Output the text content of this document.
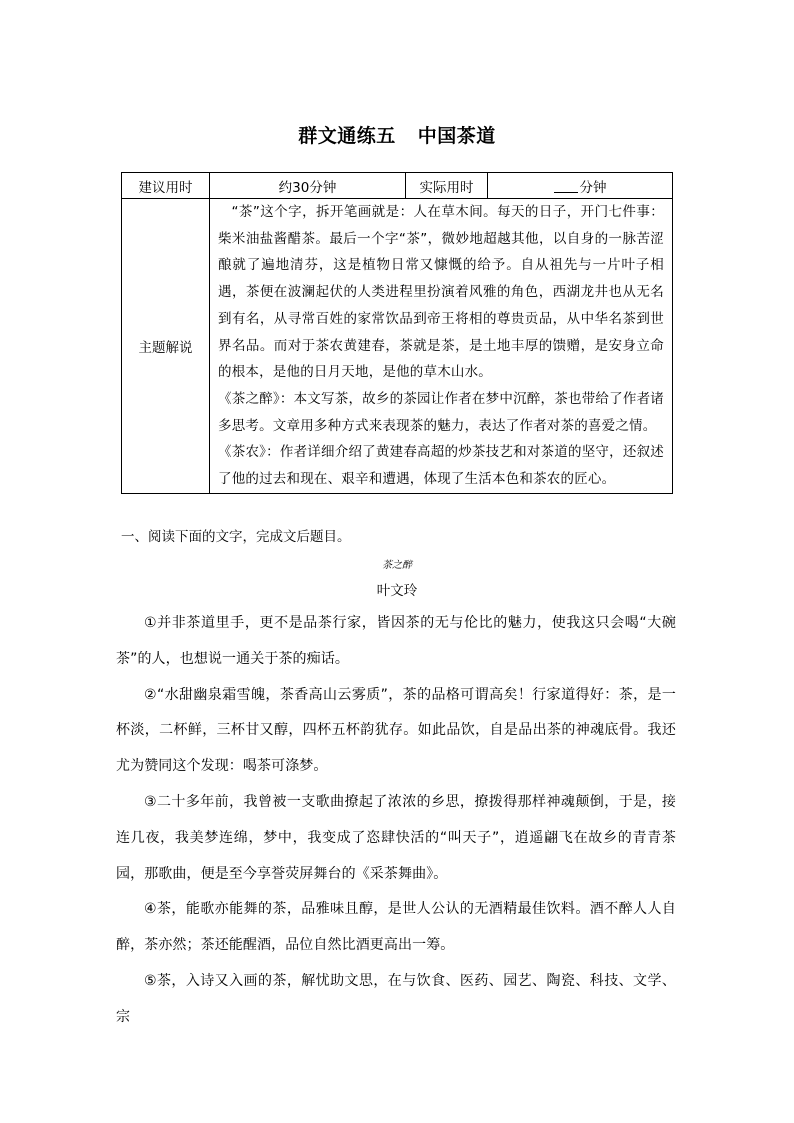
群文通练五 中国茶道
建议用时	约30分钟	实际用时	分钟
主题解说	“茶”这个字，拆开笔画就是：人在草木间。每天的日子，开门七件事：柴米油盐酱醋茶。最后一个字“茶”，微妙地超越其他，以自身的一脉苦涩酿就了遍地清芬，这是植物日常又慷慨的给予。自从祖先与一片叶子相遇，茶便在波澜起伏的人类进程里扮演着风雅的角色，西湖龙井也从无名到有名，从寻常百姓的家常饮品到帝王将相的尊贵贡品，从中华名茶到世界名品。而对于茶农黄建春，茶就是茶，是土地丰厚的馈赠，是安身立命的根本，是他的日月天地，是他的草木山水。

《茶之醉》：本文写茶，故乡的茶园让作者在梦中沉醉，茶也带给了作者诸多思考。文章用多种方式来表现茶的魅力，表达了作者对茶的喜爱之情。

《茶农》：作者详细介绍了黄建春高超的炒茶技艺和对茶道的坚守，还叙述了他的过去和现在、艰辛和遭遇，体现了生活本色和茶农的匠心。		

一、阅读下面的文字，完成文后题目。
茶之醉
叶文玲

①并非茶道里手，更不是品茶行家，皆因茶的无与伦比的魅力，使我这只会喝“大碗茶”的人，也想说一通关于茶的痴话。

②“水甜幽泉霜雪魄，茶香高山云雾质”，茶的品格可谓高矣！行家道得好：茶，是一杯淡，二杯鲜，三杯甘又醇，四杯五杯韵犹存。如此品饮，自是品出茶的神魂底骨。我还尤为赞同这个发现：喝茶可涤梦。

③二十多年前，我曾被一支歌曲撩起了浓浓的乡思，撩拨得那样神魂颠倒，于是，接连几夜，我美梦连绵，梦中，我变成了恣肆快活的“叫天子”，逍遥翩飞在故乡的青青茶园，那歌曲，便是至今享誉荧屏舞台的《采茶舞曲》。

④茶，能歌亦能舞的茶，品雅味且醇，是世人公认的无酒精最佳饮料。酒不醉人人自醉，茶亦然；茶还能醒酒，品位自然比酒更高出一筹。

⑤茶，入诗又入画的茶，解忧助文思，在与饮食、医药、园艺、陶瓷、科技、文学、宗
